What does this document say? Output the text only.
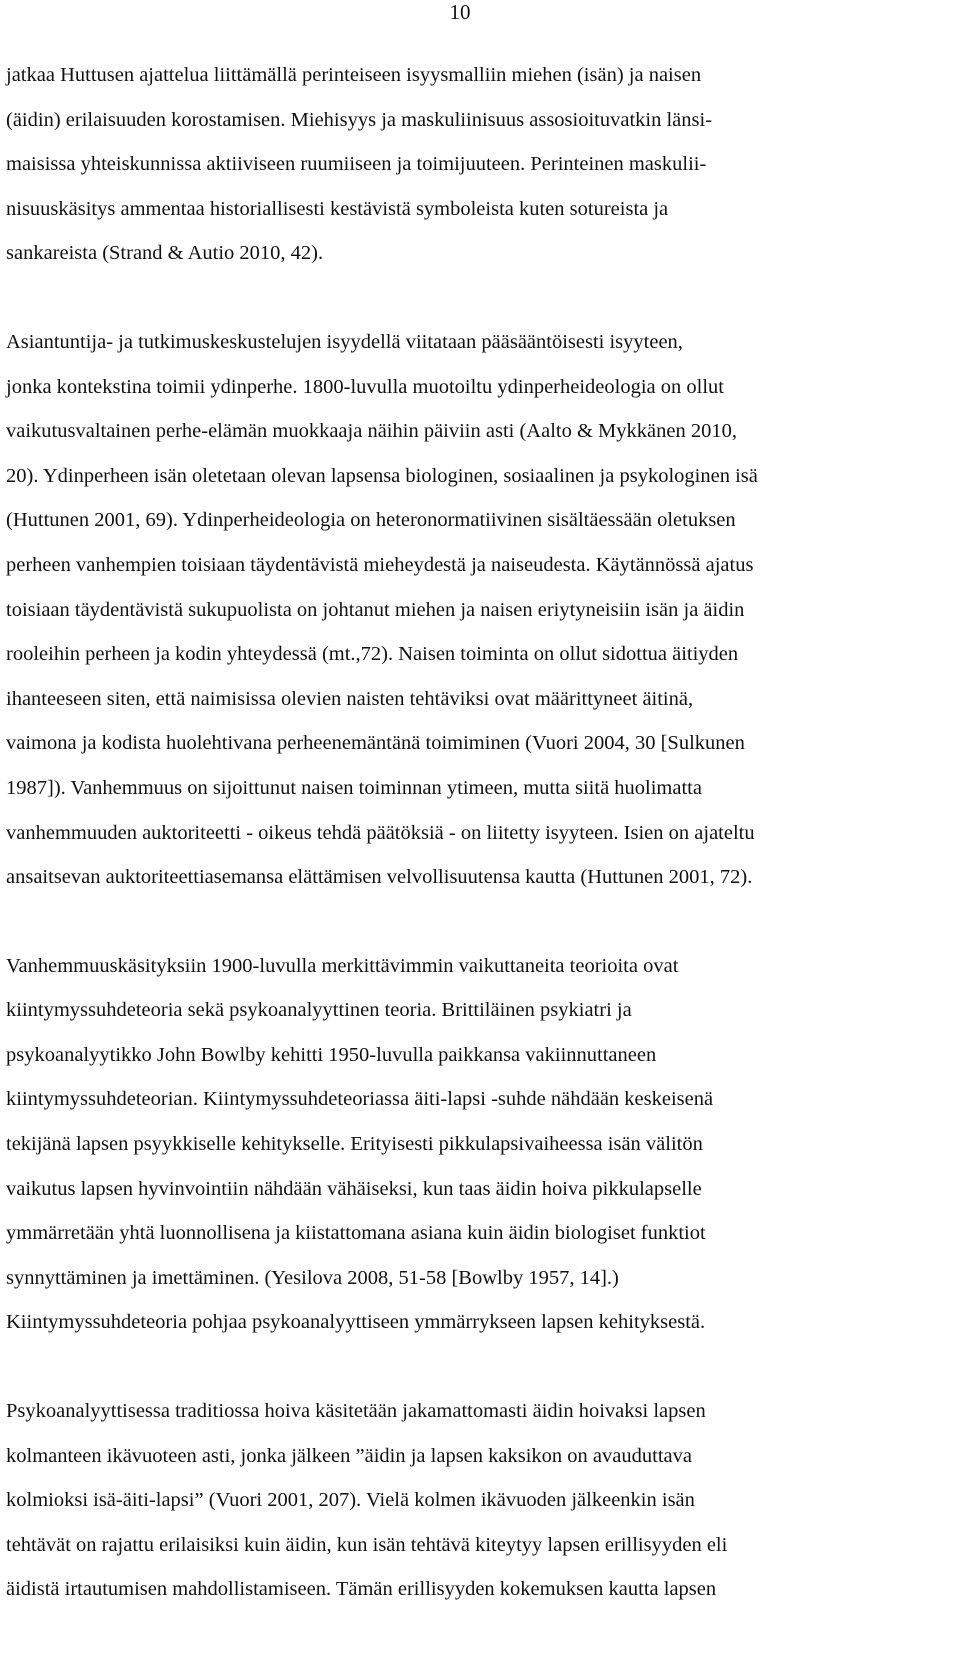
10

jatkaa Huttusen ajattelua liittämällä perinteiseen isyysmalliin miehen (isän) ja naisen
(äidin) erilaisuuden korostamisen. Miehisyys ja maskuliinisuus assosioituvatkin länsi-
maisissa yhteiskunnissa aktiiviseen ruumiiseen ja toimijuuteen. Perinteinen maskulii-
nisuuskäsitys ammentaa historiallisesti kestävistä symboleista kuten sotureista ja
sankareista (Strand & Autio 2010, 42).

Asiantuntija- ja tutkimuskeskustelujen isyydellä viitataan pääsääntöisesti isyyteen,
jonka kontekstina toimii ydinperhe. 1800-luvulla muotoiltu ydinperheideologia on ollut
vaikutusvaltainen perhe-elämän muokkaaja näihin päiviin asti (Aalto & Mykkänen 2010,
20). Ydinperheen isän oletetaan olevan lapsensa biologinen, sosiaalinen ja psykologinen isä
(Huttunen 2001, 69). Ydinperheideologia on heteronormatiivinen sisältäessään oletuksen
perheen vanhempien toisiaan täydentävistä mieheydestä ja naiseudesta. Käytännössä ajatus
toisiaan täydentävistä sukupuolista on johtanut miehen ja naisen eriytyneisiin isän ja äidin
rooleihin perheen ja kodin yhteydessä (mt.,72). Naisen toiminta on ollut sidottua äitiyden
ihanteeseen siten, että naimisissa olevien naisten tehtäviksi ovat määrittyneet äitinä,
vaimona ja kodista huolehtivana perheenemäntänä toimiminen (Vuori 2004, 30 [Sulkunen
1987]). Vanhemmuus on sijoittunut naisen toiminnan ytimeen, mutta siitä huolimatta
vanhemmuuden auktoriteetti - oikeus tehdä päätöksiä - on liitetty isyyteen. Isien on ajateltu
ansaitsevan auktoriteettiasemansa elättämisen velvollisuutensa kautta (Huttunen 2001, 72).

Vanhemmuuskäsityksiin 1900-luvulla merkittävimmin vaikuttaneita teorioita ovat
kiintymyssuhdeteoria sekä psykoanalyyttinen teoria. Brittiläinen psykiatri ja
psykoanalyytikko John Bowlby kehitti 1950-luvulla paikkansa vakiinnuttaneen
kiintymyssuhdeteorian. Kiintymyssuhdeteoriassa äiti-lapsi -suhde nähdään keskeisenä
tekijänä lapsen psyykkiselle kehitykselle. Erityisesti pikkulapsivaiheessa isän välitön
vaikutus lapsen hyvinvointiin nähdään vähäiseksi, kun taas äidin hoiva pikkulapselle
ymmärretään yhtä luonnollisena ja kiistattomana asiana kuin äidin biologiset funktiot
synnyttäminen ja imettäminen. (Yesilova 2008, 51-58 [Bowlby 1957, 14].)
Kiintymyssuhdeteoria pohjaa psykoanalyyttiseen ymmärrykseen lapsen kehityksestä.

Psykoanalyyttisessa traditiossa hoiva käsitetään jakamattomasti äidin hoivaksi lapsen
kolmanteen ikävuoteen asti, jonka jälkeen ”äidin ja lapsen kaksikon on avauduttava
kolmioksi isä-äiti-lapsi” (Vuori 2001, 207). Vielä kolmen ikävuoden jälkeenkin isän
tehtävät on rajattu erilaisiksi kuin äidin, kun isän tehtävä kiteytyy lapsen erillisyyden eli
äidistä irtautumisen mahdollistamiseen. Tämän erillisyyden kokemuksen kautta lapsen
